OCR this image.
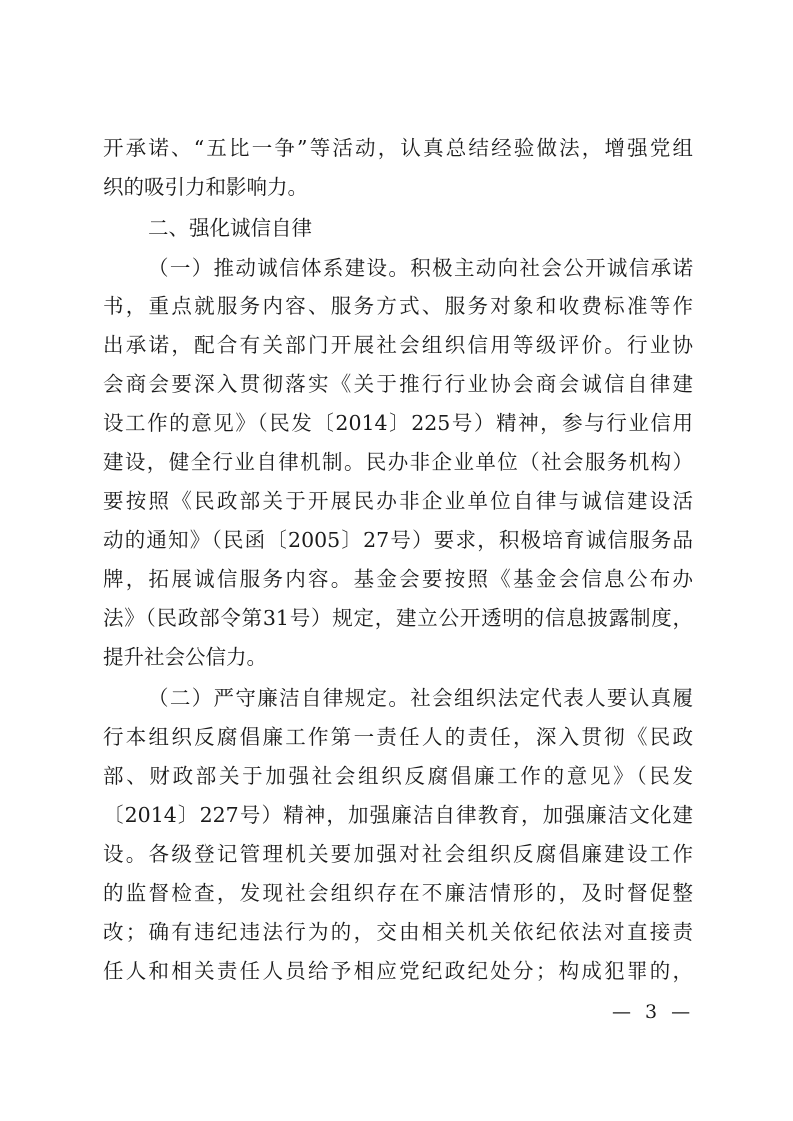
开承诺、“五比一争”等活动，认真总结经验做法，增强党组
织的吸引力和影响力。
二、强化诚信自律
（一）推动诚信体系建设。积极主动向社会公开诚信承诺
书，重点就服务内容、服务方式、服务对象和收费标准等作
出承诺，配合有关部门开展社会组织信用等级评价。行业协
会商会要深入贯彻落实《关于推行行业协会商会诚信自律建
设工作的意见》（民发〔2014〕225号）精神，参与行业信用
建设，健全行业自律机制。民办非企业单位（社会服务机构）
要按照《民政部关于开展民办非企业单位自律与诚信建设活
动的通知》（民函〔2005〕27号）要求，积极培育诚信服务品
牌，拓展诚信服务内容。基金会要按照《基金会信息公布办
法》（民政部令第31号）规定，建立公开透明的信息披露制度，
提升社会公信力。
（二）严守廉洁自律规定。社会组织法定代表人要认真履
行本组织反腐倡廉工作第一责任人的责任，深入贯彻《民政
部、财政部关于加强社会组织反腐倡廉工作的意见》（民发
〔2014〕227号）精神，加强廉洁自律教育，加强廉洁文化建
设。各级登记管理机关要加强对社会组织反腐倡廉建设工作
的监督检查，发现社会组织存在不廉洁情形的，及时督促整
改；确有违纪违法行为的，交由相关机关依纪依法对直接责
任人和相关责任人员给予相应党纪政纪处分；构成犯罪的，
— 3 —
